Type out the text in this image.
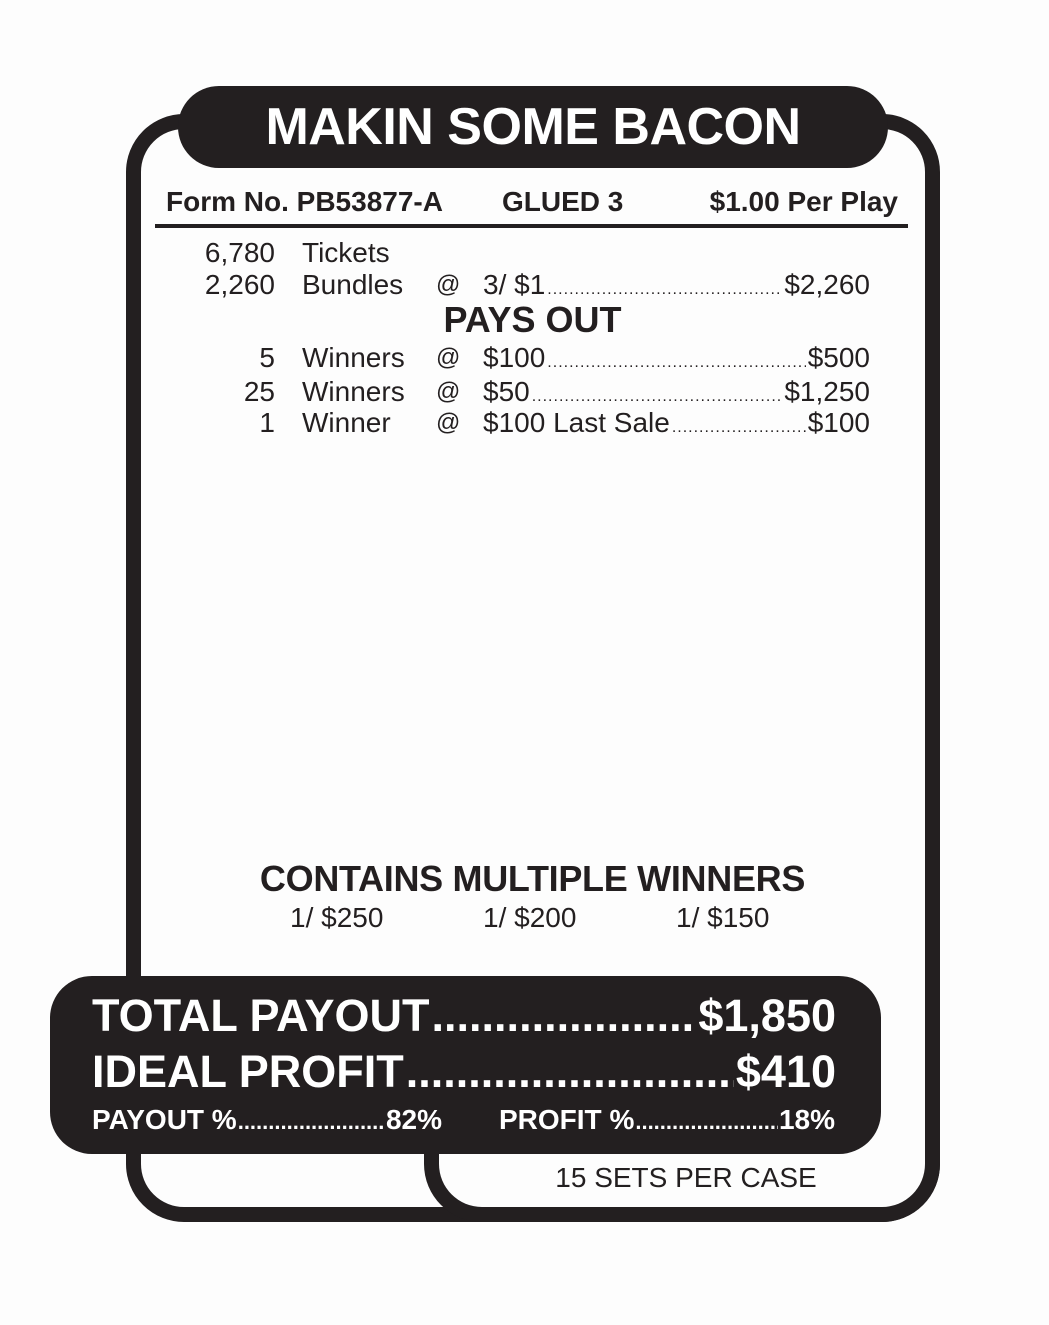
MAKIN SOME BACON
Form No. PB53877-A GLUED 3	$1.00 Per Play
6,780 Tickets
2,260 Bundles @ 3/ $1 .....	$2,260
PAYS OUT
5 Winners @ $100 .....	$500
25 Winners @ $50 .....	$1,250
1 Winner @ $100 Last Sale .....	$100
CONTAINS MULTIPLE WINNERS
1/ $250	1/ $200	1/ $150
TOTAL PAYOUT .....	$1,850
IDEAL PROFIT .....	$410
PAYOUT % .....	82% PROFIT % .....	18%
15 SETS PER CASE
